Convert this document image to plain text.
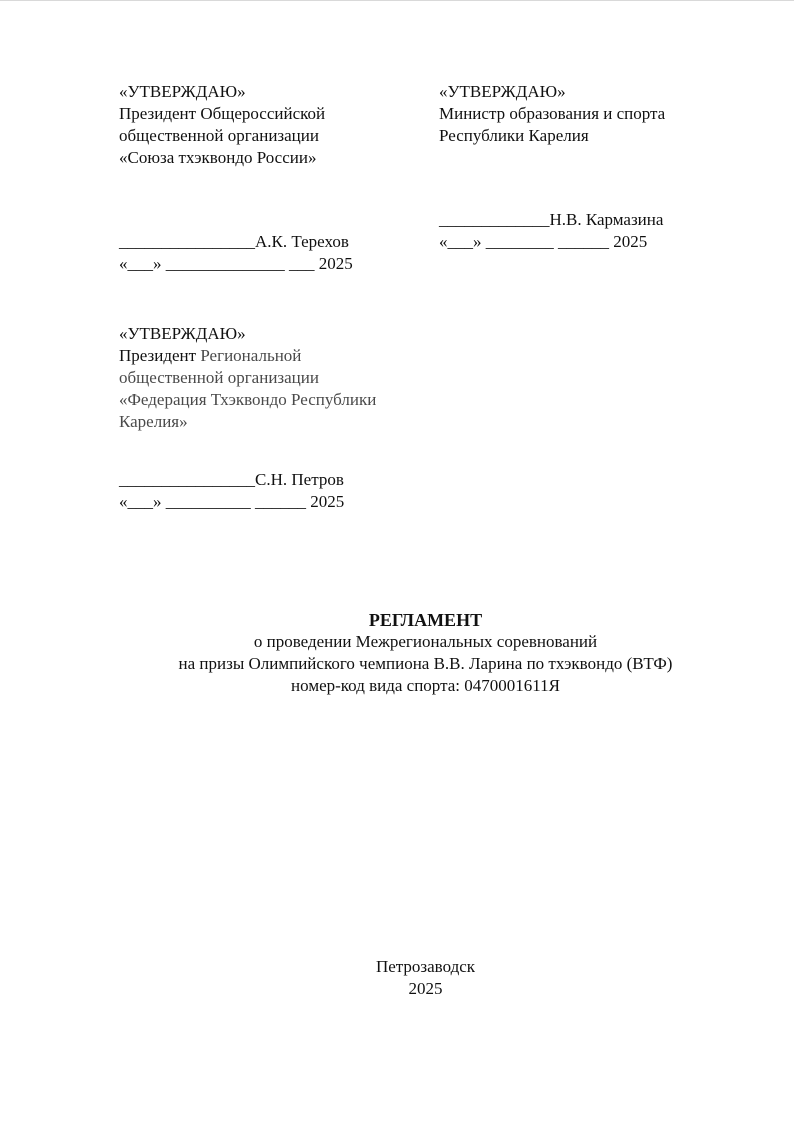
«УТВЕРЖДАЮ»
Президент Общероссийской
общественной организации
«Союза тхэквондо России»
«УТВЕРЖДАЮ»
Министр образования и спорта
Республики Карелия
________________А.К. Терехов
«___» ______________ ___ 2025
_____________Н.В. Кармазина
«___» ________ ______ 2025
«УТВЕРЖДАЮ»
Президент Региональной
общественной организации
«Федерация Тхэквондо Республики
Карелия»
________________С.Н. Петров
«___» __________ ______ 2025
РЕГЛАМЕНТ
о проведении Межрегиональных соревнований
на призы Олимпийского чемпиона В.В. Ларина по тхэквондо (ВТФ)
номер-код вида спорта: 0470001611Я
Петрозаводск
2025
